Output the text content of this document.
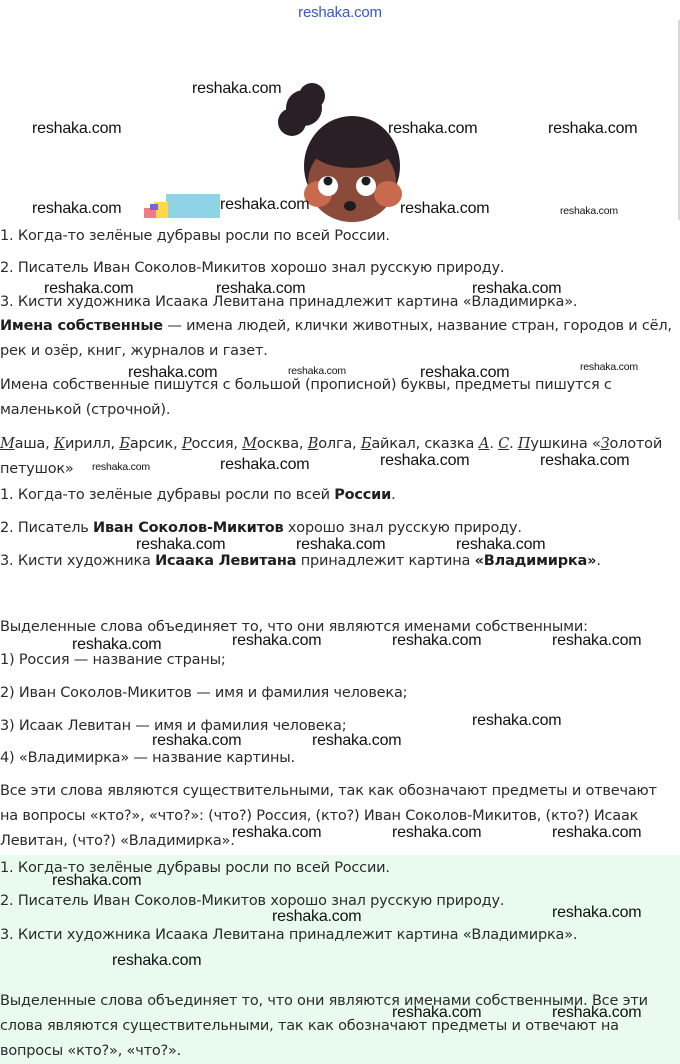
reshaka.com
1. Когда-то зелёные дубравы росли по всей России.
2. Писатель Иван Соколов-Микитов хорошо знал русскую природу.
3. Кисти художника Исаака Левитана принадлежит картина «Владимирка».
Имена собственные — имена людей, клички животных, название стран, городов и сёл, рек и озёр, книг, журналов и газет.
Имена собственные пишутся с большой (прописной) буквы, предметы пишутся с маленькой (строчной).
Маша, Кирилл, Барсик, Россия, Москва, Волга, Байкал, сказка А. С. Пушкина «Золотой петушок»
1. Когда-то зелёные дубравы росли по всей России.
2. Писатель Иван Соколов-Микитов хорошо знал русскую природу.
3. Кисти художника Исаака Левитана принадлежит картина «Владимирка».
Выделенные слова объединяет то, что они являются именами собственными:
1) Россия — название страны;
2) Иван Соколов-Микитов — имя и фамилия человека;
3) Исаак Левитан — имя и фамилия человека;
4) «Владимирка» — название картины.
Все эти слова являются существительными, так как обозначают предметы и отвечают на вопросы «кто?», «что?»: (что?) Россия, (кто?) Иван Соколов-Микитов, (кто?) Исаак Левитан, (что?) «Владимирка».
1. Когда-то зелёные дубравы росли по всей России.
2. Писатель Иван Соколов-Микитов хорошо знал русскую природу.
3. Кисти художника Исаака Левитана принадлежит картина «Владимирка».
Выделенные слова объединяет то, что они являются именами собственными. Все эти слова являются существительными, так как обозначают предметы и отвечают на вопросы «кто?», «что?».
reshaka.com
reshaka.com	reshaka.com	reshaka.com
reshaka.com	reshaka.com	reshaka.com	reshaka.com
reshaka.com	reshaka.com	reshaka.com
reshaka.com	reshaka.com	reshaka.com	reshaka.com
reshaka.com	reshaka.com	reshaka.com	reshaka.com
reshaka.com	reshaka.com	reshaka.com
reshaka.com	reshaka.com	reshaka.com	reshaka.com
reshaka.com
reshaka.com	reshaka.com
reshaka.com	reshaka.com	reshaka.com
reshaka.com
reshaka.com	reshaka.com
reshaka.com
reshaka.com	reshaka.com
